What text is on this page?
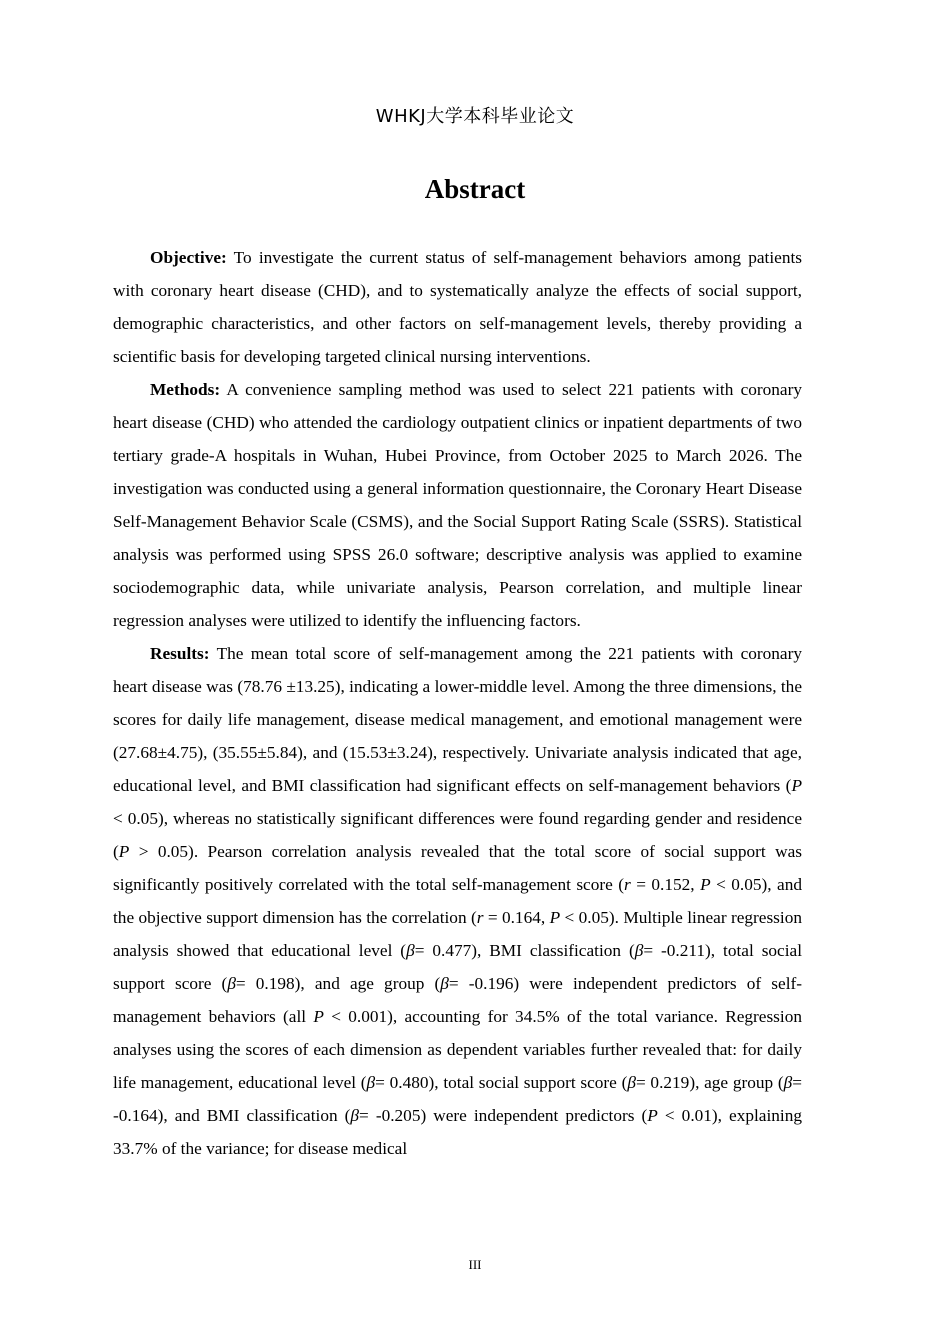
WHKJ大学本科毕业论文
Abstract

Objective: To investigate the current status of self-management behaviors among patients with coronary heart disease (CHD), and to systematically analyze the effects of social support, demographic characteristics, and other factors on self-management levels, thereby providing a scientific basis for developing targeted clinical nursing interventions.

Methods: A convenience sampling method was used to select 221 patients with coronary heart disease (CHD) who attended the cardiology outpatient clinics or inpatient departments of two tertiary grade-A hospitals in Wuhan, Hubei Province, from October 2025 to March 2026. The investigation was conducted using a general information questionnaire, the Coronary Heart Disease Self-Management Behavior Scale (CSMS), and the Social Support Rating Scale (SSRS). Statistical analysis was performed using SPSS 26.0 software; descriptive analysis was applied to examine sociodemographic data, while univariate analysis, Pearson correlation, and multiple linear regression analyses were utilized to identify the influencing factors.

Results: The mean total score of self-management among the 221 patients with coronary heart disease was (78.76 ±13.25), indicating a lower-middle level. Among the three dimensions, the scores for daily life management, disease medical management, and emotional management were (27.68±4.75), (35.55±5.84), and (15.53±3.24), respectively. Univariate analysis indicated that age, educational level, and BMI classification had significant effects on self-management behaviors (P < 0.05), whereas no statistically significant differences were found regarding gender and residence (P > 0.05). Pearson correlation analysis revealed that the total score of social support was significantly positively correlated with the total self-management score (r = 0.152, P < 0.05), and the objective support dimension has the correlation (r = 0.164, P < 0.05). Multiple linear regression analysis showed that educational level (β= 0.477), BMI classification (β= -0.211), total social support score (β= 0.198), and age group (β= -0.196) were independent predictors of self-management behaviors (all P < 0.001), accounting for 34.5% of the total variance. Regression analyses using the scores of each dimension as dependent variables further revealed that: for daily life management, educational level (β= 0.480), total social support score (β= 0.219), age group (β= -0.164), and BMI classification (β= -0.205) were independent predictors (P < 0.01), explaining 33.7% of the variance; for disease medical

III
